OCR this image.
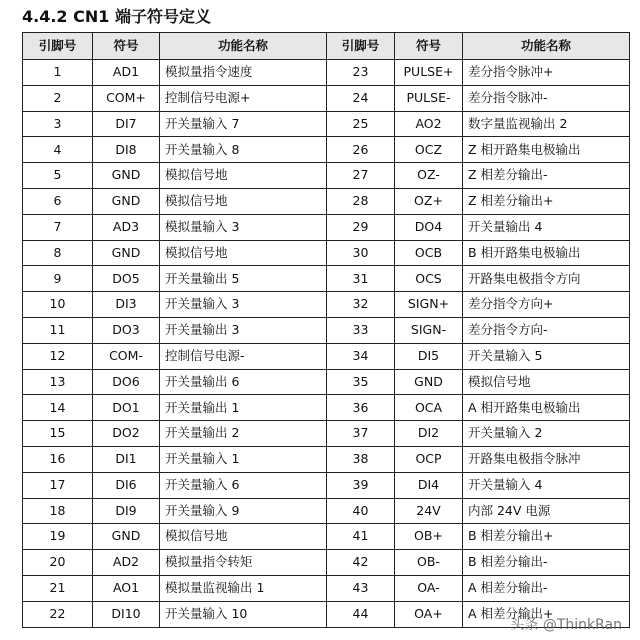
4.4.2 CN1 端子符号定义
引脚号	符号	功能名称	引脚号	符号	功能名称
1	AD1	模拟量指令速度	23	PULSE+	差分指令脉冲+
2	COM+	控制信号电源+	24	PULSE-	差分指令脉冲-
3	DI7	开关量输入 7	25	AO2	数字量监视输出 2
4	DI8	开关量输入 8	26	OCZ	Z 相开路集电极输出
5	GND	模拟信号地	27	OZ-	Z 相差分输出-
6	GND	模拟信号地	28	OZ+	Z 相差分输出+
7	AD3	模拟量输入 3	29	DO4	开关量输出 4
8	GND	模拟信号地	30	OCB	B 相开路集电极输出
9	DO5	开关量输出 5	31	OCS	开路集电极指令方向
10	DI3	开关量输入 3	32	SIGN+	差分指令方向+
11	DO3	开关量输出 3	33	SIGN-	差分指令方向-
12	COM-	控制信号电源-	34	DI5	开关量输入 5
13	DO6	开关量输出 6	35	GND	模拟信号地
14	DO1	开关量输出 1	36	OCA	A 相开路集电极输出
15	DO2	开关量输出 2	37	DI2	开关量输入 2
16	DI1	开关量输入 1	38	OCP	开路集电极指令脉冲
17	DI6	开关量输入 6	39	DI4	开关量输入 4
18	DI9	开关量输入 9	40	24V	内部 24V 电源
19	GND	模拟信号地	41	OB+	B 相差分输出+
20	AD2	模拟量指令转矩	42	OB-	B 相差分输出-
21	AO1	模拟量监视输出 1	43	OA-	A 相差分输出-
22	DI10	开关量输入 10	44	OA+	A 相差分输出+
头条 @ThinkRan
